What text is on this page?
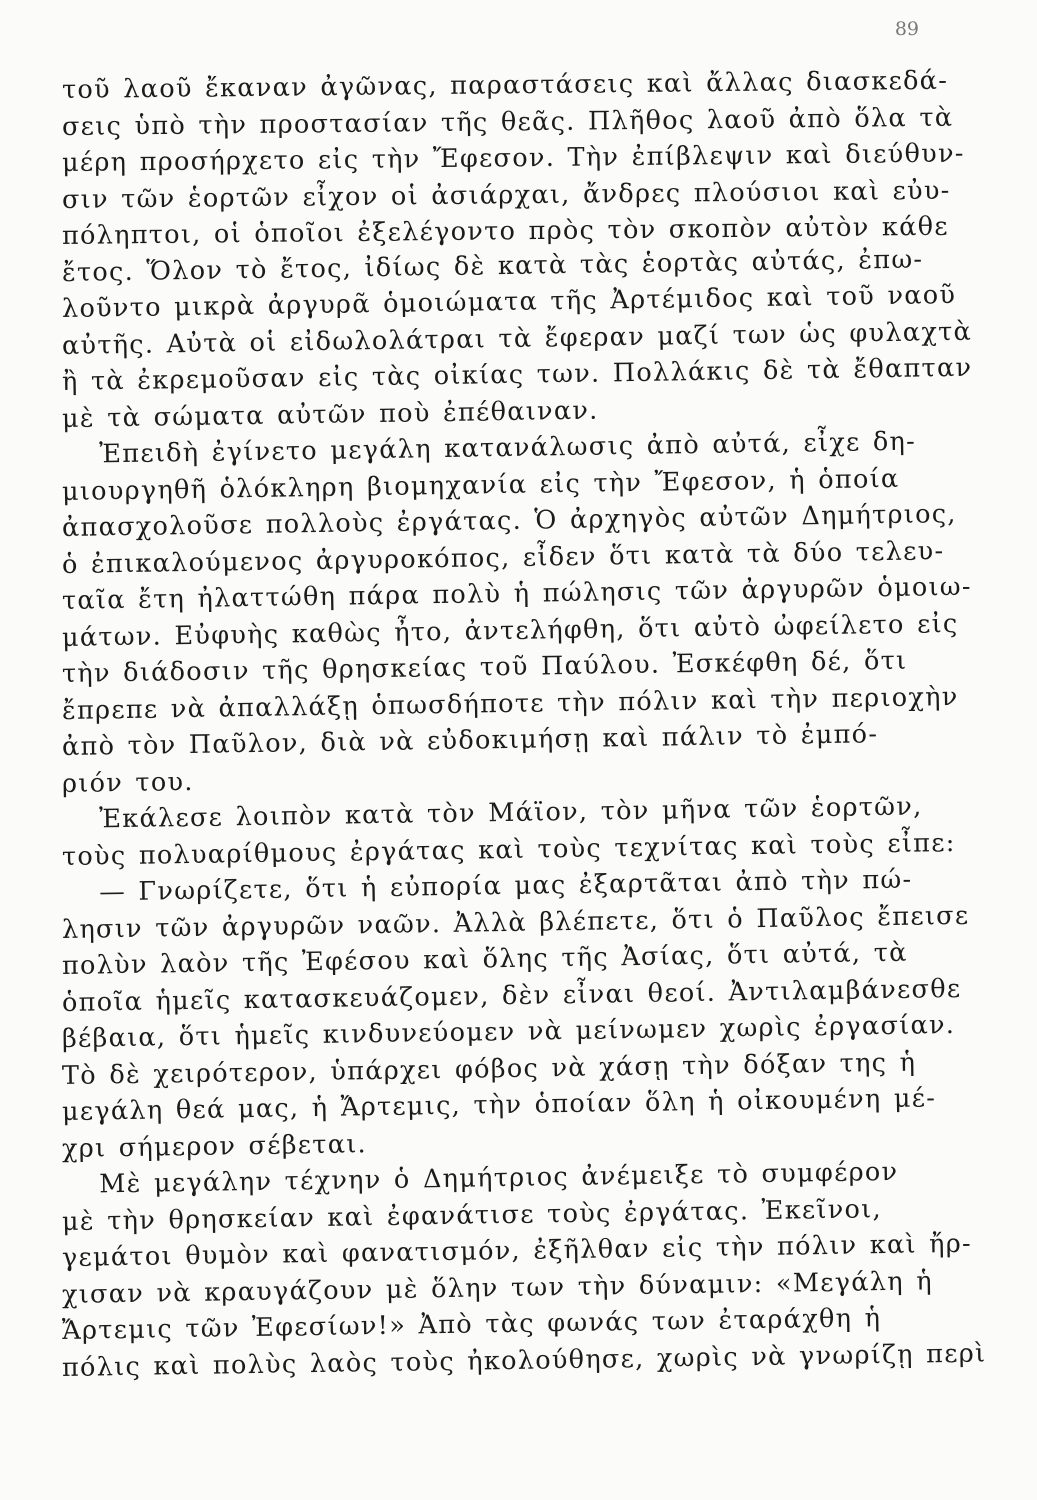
89
τοῦ λαοῦ ἔκαναν ἀγῶνας, παραστάσεις καὶ ἄλλας διασκεδά-
σεις ὑπὸ τὴν προστασίαν τῆς θεᾶς. Πλῆθος λαοῦ ἀπὸ ὅλα τὰ
μέρη προσήρχετο εἰς τὴν Ἔφεσον. Τὴν ἐπίβλεψιν καὶ διεύθυν-
σιν τῶν ἑορτῶν εἶχον οἱ ἀσιάρχαι, ἄνδρες πλούσιοι καὶ εὐυ-
πόληπτοι, οἱ ὁποῖοι ἐξελέγοντο πρὸς τὸν σκοπὸν αὐτὸν κάθε
ἔτος. Ὅλον τὸ ἔτος, ἰδίως δὲ κατὰ τὰς ἑορτὰς αὐτάς, ἐπω-
λοῦντο μικρὰ ἀργυρᾶ ὁμοιώματα τῆς Ἀρτέμιδος καὶ τοῦ ναοῦ
αὐτῆς. Αὐτὰ οἱ εἰδωλολάτραι τὰ ἔφεραν μαζί των ὡς φυλαχτὰ
ἢ τὰ ἐκρεμοῦσαν εἰς τὰς οἰκίας των. Πολλάκις δὲ τὰ ἔθαπταν
μὲ τὰ σώματα αὐτῶν ποὺ ἐπέθαιναν.
Ἐπειδὴ ἐγίνετο μεγάλη κατανάλωσις ἀπὸ αὐτά, εἶχε δη-
μιουργηθῆ ὁλόκληρη βιομηχανία εἰς τὴν Ἔφεσον, ἡ ὁποία
ἀπασχολοῦσε πολλοὺς ἐργάτας. Ὁ ἀρχηγὸς αὐτῶν Δημήτριος,
ὁ ἐπικαλούμενος ἀργυροκόπος, εἶδεν ὅτι κατὰ τὰ δύο τελευ-
ταῖα ἔτη ἠλαττώθη πάρα πολὺ ἡ πώλησις τῶν ἀργυρῶν ὁμοιω-
μάτων. Εὐφυὴς καθὼς ἦτο, ἀντελήφθη, ὅτι αὐτὸ ὠφείλετο εἰς
τὴν διάδοσιν τῆς θρησκείας τοῦ Παύλου. Ἐσκέφθη δέ, ὅτι
ἔπρεπε νὰ ἀπαλλάξῃ ὁπωσδήποτε τὴν πόλιν καὶ τὴν περιοχὴν
ἀπὸ τὸν Παῦλον, διὰ νὰ εὐδοκιμήσῃ καὶ πάλιν τὸ ἐμπό-
ριόν του.
Ἐκάλεσε λοιπὸν κατὰ τὸν Μάϊον, τὸν μῆνα τῶν ἑορτῶν,
τοὺς πολυαρίθμους ἐργάτας καὶ τοὺς τεχνίτας καὶ τοὺς εἶπε:
— Γνωρίζετε, ὅτι ἡ εὐπορία μας ἐξαρτᾶται ἀπὸ τὴν πώ-
λησιν τῶν ἀργυρῶν ναῶν. Ἀλλὰ βλέπετε, ὅτι ὁ Παῦλος ἔπεισε
πολὺν λαὸν τῆς Ἐφέσου καὶ ὅλης τῆς Ἀσίας, ὅτι αὐτά, τὰ
ὁποῖα ἡμεῖς κατασκευάζομεν, δὲν εἶναι θεοί. Ἀντιλαμβάνεσθε
βέβαια, ὅτι ἡμεῖς κινδυνεύομεν νὰ μείνωμεν χωρὶς ἐργασίαν.
Τὸ δὲ χειρότερον, ὑπάρχει φόβος νὰ χάσῃ τὴν δόξαν της ἡ
μεγάλη θεά μας, ἡ Ἄρτεμις, τὴν ὁποίαν ὅλη ἡ οἰκουμένη μέ-
χρι σήμερον σέβεται.
Μὲ μεγάλην τέχνην ὁ Δημήτριος ἀνέμειξε τὸ συμφέρον
μὲ τὴν θρησκείαν καὶ ἐφανάτισε τοὺς ἐργάτας. Ἐκεῖνοι,
γεμάτοι θυμὸν καὶ φανατισμόν, ἐξῆλθαν εἰς τὴν πόλιν καὶ ἤρ-
χισαν νὰ κραυγάζουν μὲ ὅλην των τὴν δύναμιν: «Μεγάλη ἡ
Ἄρτεμις τῶν Ἐφεσίων!» Ἀπὸ τὰς φωνάς των ἐταράχθη ἡ
πόλις καὶ πολὺς λαὸς τοὺς ἠκολούθησε, χωρὶς νὰ γνωρίζῃ περὶ
